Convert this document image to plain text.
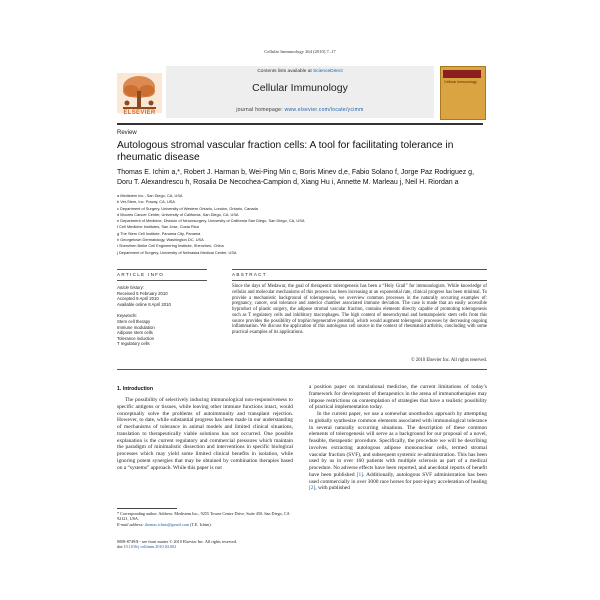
Cellular Immunology 264 (2010) 7–17
ELSEVIER
Contents lists available at ScienceDirect
Cellular Immunology
journal homepage: www.elsevier.com/locate/ycimm
Cellular Immunology
Review
Autologous stromal vascular fraction cells: A tool for facilitating tolerance in rheumatic disease
Thomas E. Ichim a,*, Robert J. Harman b, Wei-Ping Min c, Boris Minev d,e, Fabio Solano f, Jorge Paz Rodriguez g,
Doru T. Alexandrescu h, Rosalia De Necochea-Campion d, Xiang Hu i, Annette M. Marleau j, Neil H. Riordan a
a Medistem Inc., San Diego, CA, USA
b Vet-Stem, Inc. Poway, CA, USA
c Department of Surgery, University of Western Ontario, London, Ontario, Canada
d Moores Cancer Center, University of California, San Diego, CA, USA
e Department of Medicine, Division of Neurosurgery, University of California San Diego, San Diego, CA, USA
f Cell Medicine Institutes, San Jose, Costa Rica
g The Stem Cell Institute, Panama City, Panama
h Georgetown Dermatology, Washington DC, USA
i Shenzhen Beike Cell Engineering Institute, Shenzhen, China
j Department of Surgery, University of Nebraska Medical Center, USA
ARTICLE INFO	ABSTRACT
Article history:
Received 5 February 2010
Accepted 9 April 2010
Available online 8 April 2010
Keywords:
Stem cell therapy
Immune modulation
Adipose stem cells
Tolerance induction
T regulatory cells
Since the days of Medawar, the goal of therapeutic tolerogenesis has been a “Holy Grail” for immunologists. While knowledge of cellular and molecular mechanisms of this process has been increasing at an exponential rate, clinical progress has been minimal. To provide a mechanistic background of tolerogenesis, we overview common processes in the naturally occurring examples of: pregnancy, cancer, oral tolerance and anterior chamber associated immune deviation. The case is made that an easily accessible byproduct of plastic surgery, the adipose stromal vascular fraction, contains elements directly capable of promoting tolerogenesis such as T regulatory cells and inhibitory macrophages. The high content of mesenchymal and hematopoietic stem cells from this source provides the possibility of trophic/regenerative potential, which would augment tolerogenic processes by decreasing ongoing inflammation. We discuss the application of this autologous cell source in the context of rheumatoid arthritis, concluding with some practical examples of its applications.
© 2010 Elsevier Inc. All rights reserved.
1. Introduction
The possibility of selectively inducing immunological non-responsiveness to specific antigens or tissues, while leaving other immune functions intact, would conceptually solve the problems of autoimmunity and transplant rejection. However, to date, while substantial progress has been made in our understanding of mechanisms of tolerance in animal models and limited clinical situations, translation to therapeutically viable solutions has not occurred. One possible explanation is the current regulatory and commercial pressures which maintain the paradigm of minimalistic dissection and interventions in specific biological processes which may yield some limited clinical benefits in isolation, while ignoring potent synergies that may be obtained by combination therapies based on a “systems” approach. While this paper is not

a position paper on translational medicine, the current limitations of today’s framework for development of therapeutics in the arena of immunotherapies may impose restrictions on contemplation of strategies that have a realistic possibility of practical implementation today.

In the current paper, we use a somewhat unorthodox approach by attempting to globally synthesize common elements associated with immunological tolerance in several naturally occurring situations. The description of these common elements of tolerogenesis will serve as a background for our proposal of a novel, feasible, therapeutic procedure. Specifically, the procedure we will be describing involves extracting autologous adipose mononuclear cells, termed stromal vascular fraction (SVF), and subsequent systemic re-administration. This has been used by us in over 160 patients with multiple sclerosis as part of a medical procedure. No adverse effects have been reported, and anecdotal reports of benefit have been published [1]. Additionally, autologous SVF administration has been used commercially in over 3000 race horses for post-injury acceleration of healing [2], with published

* Corresponding author. Address: Medistem Inc., 9255 Towne Centre Drive, Suite 450, San Diego, CA 92121, USA.
E-mail address: thomas.ichim@gmail.com (T.E. Ichim).
0008-8749/$ - see front matter © 2010 Elsevier Inc. All rights reserved.
doi:10.1016/j.cellimm.2010.04.002
